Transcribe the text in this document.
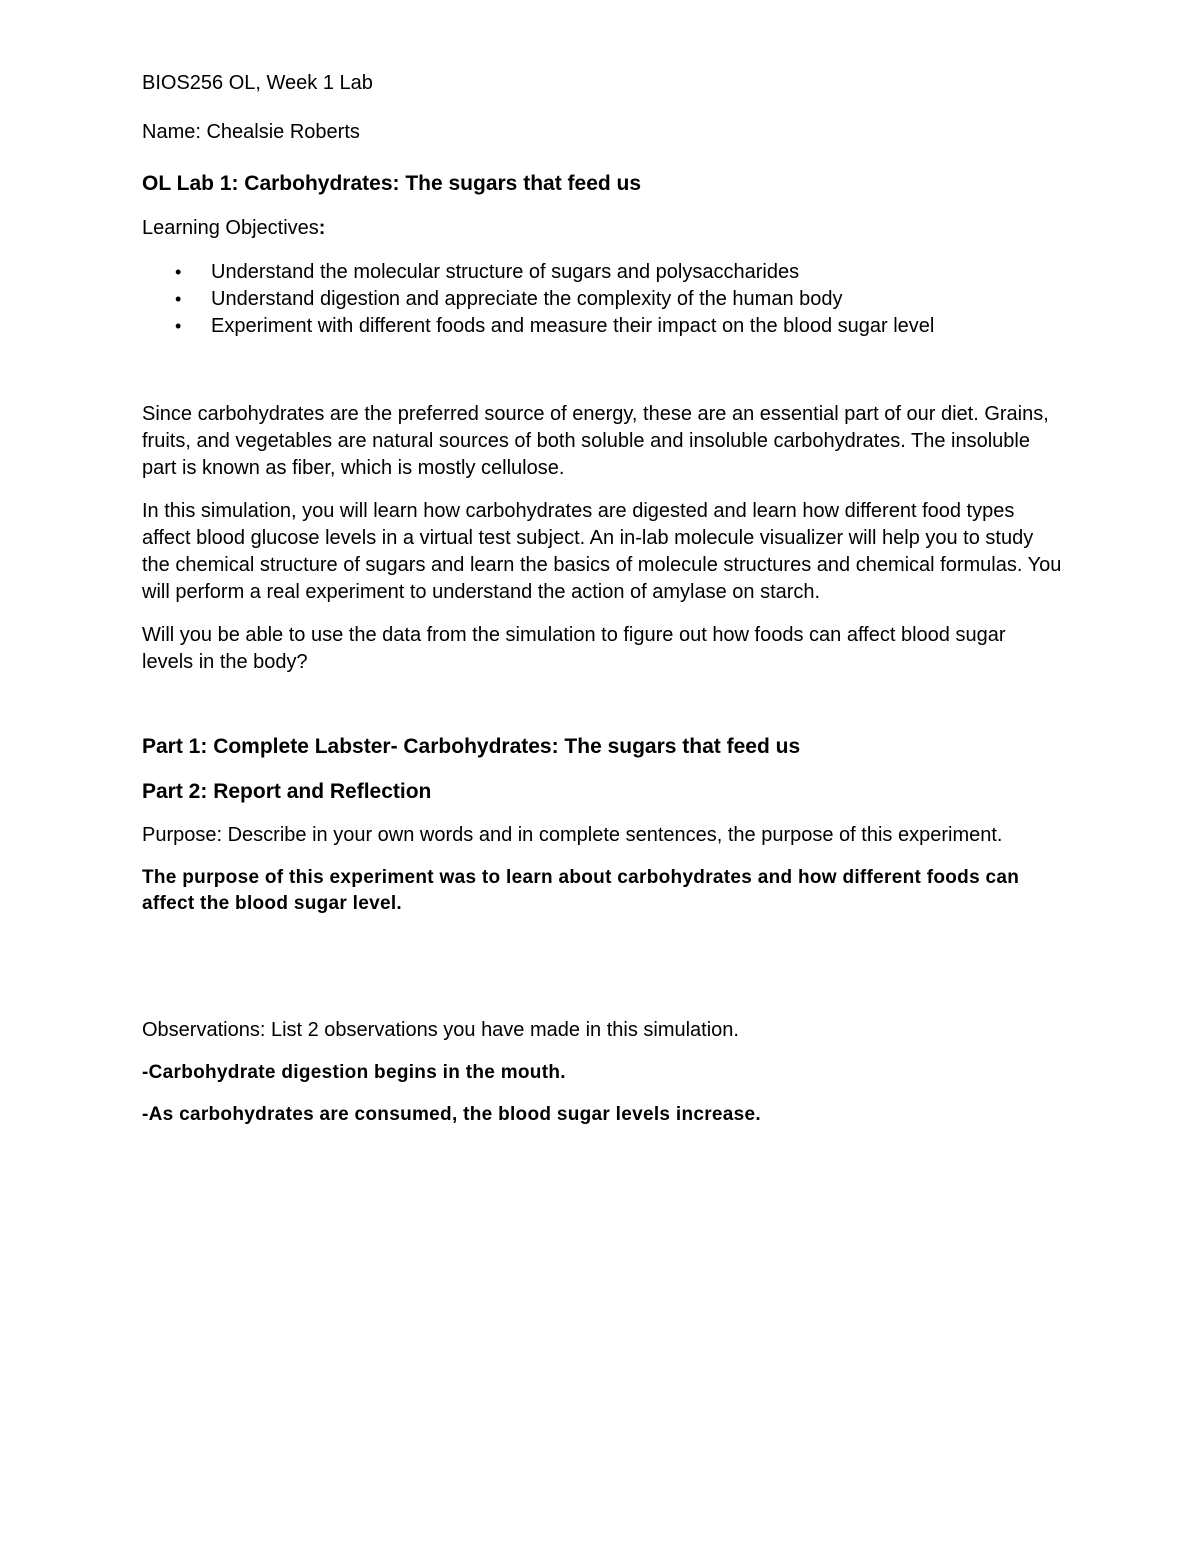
BIOS256 OL, Week 1 Lab

Name: Chealsie Roberts

OL Lab 1: Carbohydrates: The sugars that feed us

Learning Objectives:

• Understand the molecular structure of sugars and polysaccharides
• Understand digestion and appreciate the complexity of the human body
• Experiment with different foods and measure their impact on the blood sugar level

Since carbohydrates are the preferred source of energy, these are an essential part of our diet. Grains, fruits, and vegetables are natural sources of both soluble and insoluble carbohydrates. The insoluble part is known as fiber, which is mostly cellulose.

In this simulation, you will learn how carbohydrates are digested and learn how different food types affect blood glucose levels in a virtual test subject. An in-lab molecule visualizer will help you to study the chemical structure of sugars and learn the basics of molecule structures and chemical formulas. You will perform a real experiment to understand the action of amylase on starch.

Will you be able to use the data from the simulation to figure out how foods can affect blood sugar levels in the body?

Part 1: Complete Labster- Carbohydrates: The sugars that feed us
Part 2: Report and Reflection

Purpose: Describe in your own words and in complete sentences, the purpose of this experiment.

The purpose of this experiment was to learn about carbohydrates and how different foods can affect the blood sugar level.

Observations: List 2 observations you have made in this simulation.

-Carbohydrate digestion begins in the mouth.

-As carbohydrates are consumed, the blood sugar levels increase.
